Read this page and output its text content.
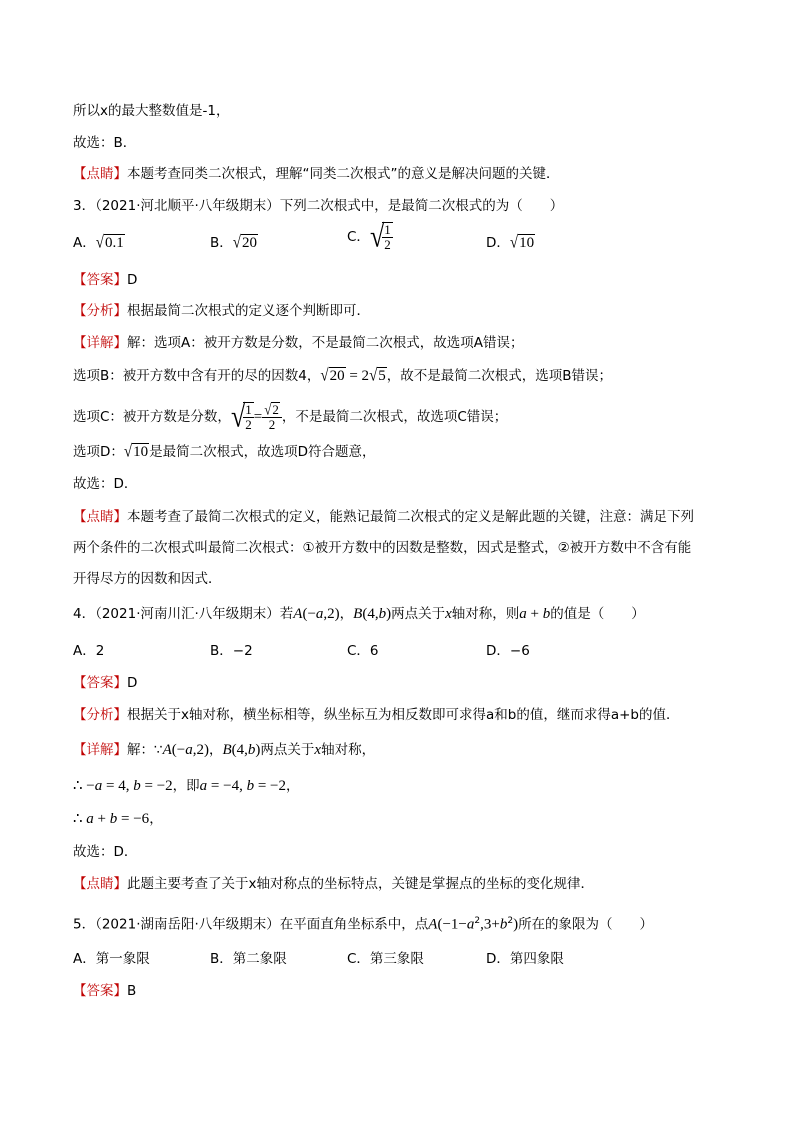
所以x的最大整数值是-1，
故选：B．
【点睛】本题考查同类二次根式，理解“同类二次根式”的意义是解决问题的关键．
3．（2021·河北顺平·八年级期末）下列二次根式中，是最简二次根式的为（　　）
A．√0.1	B．√20	C．√
$\frac{1}{2}$	D．√10
【答案】D
【分析】根据最简二次根式的定义逐个判断即可．
【详解】解：选项A：被开方数是分数，不是最简二次根式，故选项A错误；
选项B：被开方数中含有开的尽的因数4，√20 = 2√5，故不是最简二次根式，选项B错误；
选项C：被开方数是分数，√
$\frac{1}{2} = \frac{√2}{2}$ ，不是最简二次根式，故选项C错误；
选项D：√10是最简二次根式，故选项D符合题意，
故选：D．
【点睛】本题考查了最简二次根式的定义，能熟记最简二次根式的定义是解此题的关键，注意：满足下列
两个条件的二次根式叫最简二次根式：①被开方数中的因数是整数，因式是整式，②被开方数中不含有能
开得尽方的因数和因式．
4．（2021·河南川汇·八年级期末）若A(−a,2)，B(4,b)两点关于x轴对称，则a + b的值是（　　）
A．2	B．−2	C．6	D．−6
【答案】D
【分析】根据关于x轴对称，横坐标相等，纵坐标互为相反数即可求得a和b的值，继而求得a+b的值．
【详解】解：∵A(−a,2)，B(4,b)两点关于x轴对称，
∴ −a = 4, b = −2，即a = −4, b = −2，
∴ a + b = −6，
故选：D．
【点睛】此题主要考查了关于x轴对称点的坐标特点，关键是掌握点的坐标的变化规律．
5．（2021·湖南岳阳·八年级期末）在平面直角坐标系中，点$A(-1-a^2,3+b^2)$所在的象限为（　　）
A．第一象限	B．第二象限	C．第三象限	D．第四象限
【答案】B
